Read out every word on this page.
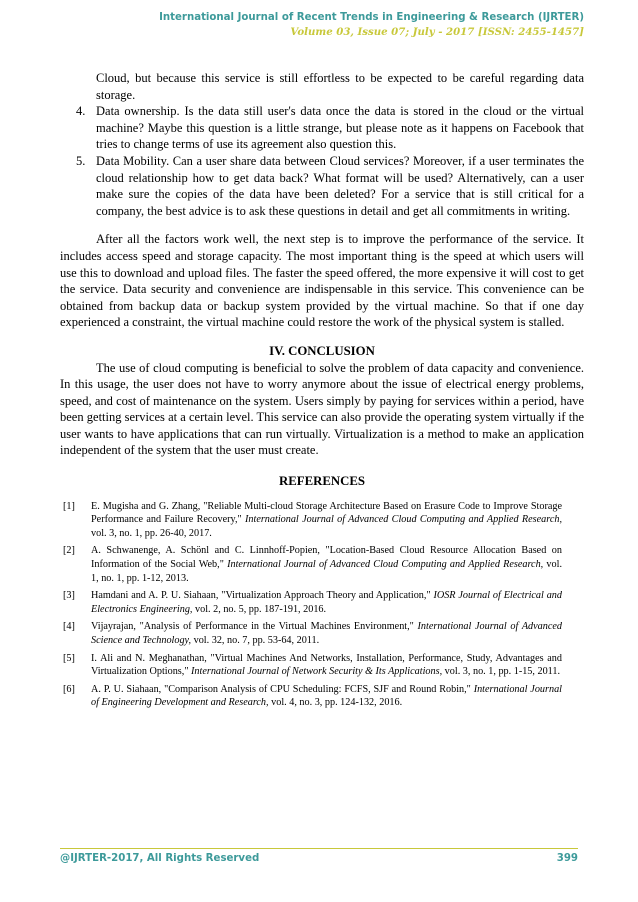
International Journal of Recent Trends in Engineering & Research (IJRTER)
Volume 03, Issue 07; July - 2017 [ISSN: 2455-1457]

Cloud, but because this service is still effortless to be expected to be careful regarding data storage.

4. Data ownership. Is the data still user's data once the data is stored in the cloud or the virtual machine? Maybe this question is a little strange, but please note as it happens on Facebook that tries to change terms of use its agreement also question this.
5. Data Mobility. Can a user share data between Cloud services? Moreover, if a user terminates the cloud relationship how to get data back? What format will be used? Alternatively, can a user make sure the copies of the data have been deleted? For a service that is still critical for a company, the best advice is to ask these questions in detail and get all commitments in writing.

After all the factors work well, the next step is to improve the performance of the service. It includes access speed and storage capacity. The most important thing is the speed at which users will use this to download and upload files. The faster the speed offered, the more expensive it will cost to get the service. Data security and convenience are indispensable in this service. This convenience can be obtained from backup data or backup system provided by the virtual machine. So that if one day experienced a constraint, the virtual machine could restore the work of the physical system is stalled.

IV. CONCLUSION

The use of cloud computing is beneficial to solve the problem of data capacity and convenience. In this usage, the user does not have to worry anymore about the issue of electrical energy problems, speed, and cost of maintenance on the system. Users simply by paying for services within a period, have been getting services at a certain level. This service can also provide the operating system virtually if the user wants to have applications that can run virtually. Virtualization is a method to make an application independent of the system that the user must create.

REFERENCES
[1]	E. Mugisha and G. Zhang, "Reliable Multi-cloud Storage Architecture Based on Erasure Code to Improve Storage Performance and Failure Recovery," International Journal of Advanced Cloud Computing and Applied Research, vol. 3, no. 1, pp. 26-40, 2017.
[2]	A. Schwanenge, A. Schönl and C. Linnhoff-Popien, "Location-Based Cloud Resource Allocation Based on Information of the Social Web," International Journal of Advanced Cloud Computing and Applied Research, vol. 1, no. 1, pp. 1-12, 2013.
[3]	Hamdani and A. P. U. Siahaan, "Virtualization Approach Theory and Application," IOSR Journal of Electrical and Electronics Engineering, vol. 2, no. 5, pp. 187-191, 2016.
[4]	Vijayrajan, "Analysis of Performance in the Virtual Machines Environment," International Journal of Advanced Science and Technology, vol. 32, no. 7, pp. 53-64, 2011.
[5]	I. Ali and N. Meghanathan, "Virtual Machines And Networks, Installation, Performance, Study, Advantages and Virtualization Options," International Journal of Network Security & Its Applications, vol. 3, no. 1, pp. 1-15, 2011.
[6]	A. P. U. Siahaan, "Comparison Analysis of CPU Scheduling: FCFS, SJF and Round Robin," International Journal of Engineering Development and Research, vol. 4, no. 3, pp. 124-132, 2016.
@IJRTER-2017, All Rights Reserved	399
